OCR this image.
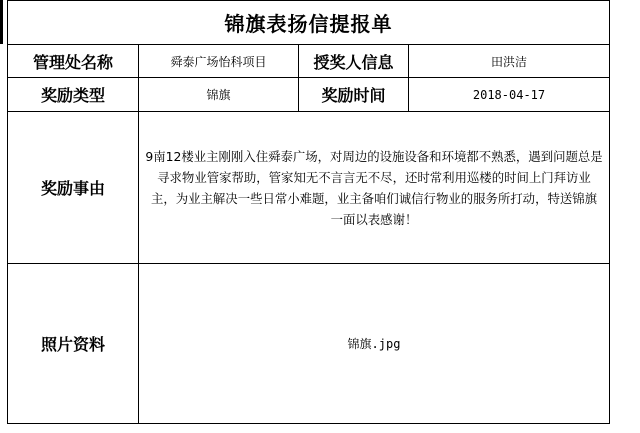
锦旗表扬信提报单			
管理处名称	舜泰广场怡科项目	授奖人信息	田洪洁
奖励类型	锦旗	奖励时间	2018-04-17
奖励事由	9南12楼业主刚刚入住舜泰广场，对周边的设施设备和环境都不熟悉，遇到问题总是寻求物业管家帮助，管家知无不言言无不尽，还时常利用巡楼的时间上门拜访业主，为业主解决一些日常小难题，业主备咱们诚信行物业的服务所打动，特送锦旗一面以表感谢！		

照片资料	锦旗.jpg		
